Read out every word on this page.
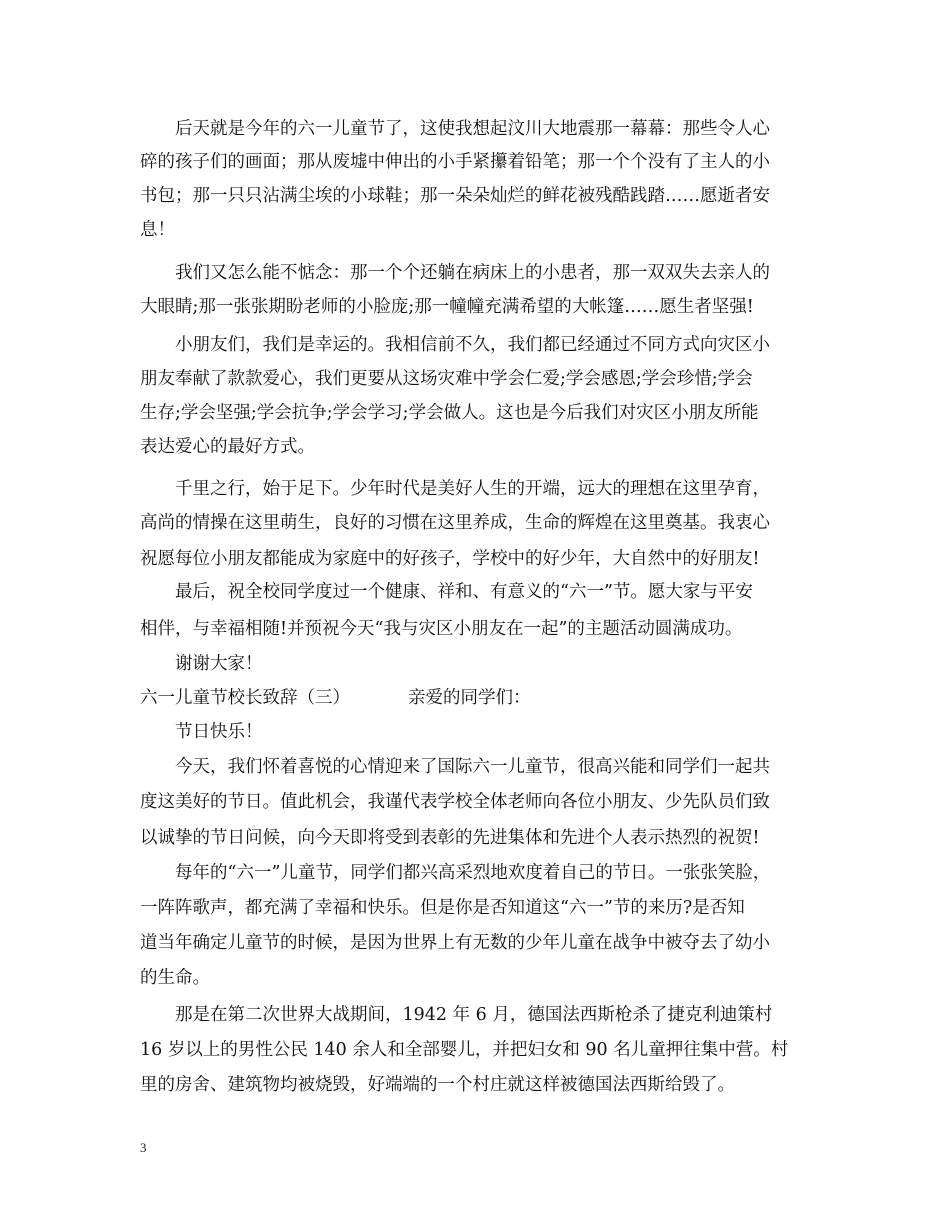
后天就是今年的六一儿童节了，这使我想起汶川大地震那一幕幕：那些令人心
碎的孩子们的画面；那从废墟中伸出的小手紧攥着铅笔；那一个个没有了主人的小
书包；那一只只沾满尘埃的小球鞋；那一朵朵灿烂的鲜花被残酷践踏……愿逝者安
息！
我们又怎么能不惦念：那一个个还躺在病床上的小患者，那一双双失去亲人的
大眼睛;那一张张期盼老师的小脸庞;那一幢幢充满希望的大帐篷……愿生者坚强!
小朋友们，我们是幸运的。我相信前不久，我们都已经通过不同方式向灾区小
朋友奉献了款款爱心，我们更要从这场灾难中学会仁爱;学会感恩;学会珍惜;学会
生存;学会坚强;学会抗争;学会学习;学会做人。这也是今后我们对灾区小朋友所能
表达爱心的最好方式。
千里之行，始于足下。少年时代是美好人生的开端，远大的理想在这里孕育，
高尚的情操在这里萌生，良好的习惯在这里养成，生命的辉煌在这里奠基。我衷心
祝愿每位小朋友都能成为家庭中的好孩子，学校中的好少年，大自然中的好朋友!
最后，祝全校同学度过一个健康、祥和、有意义的“六一”节。愿大家与平安
相伴，与幸福相随!并预祝今天“我与灾区小朋友在一起”的主题活动圆满成功。
谢谢大家！
六一儿童节校长致辞（三）	亲爱的同学们：
节日快乐！
今天，我们怀着喜悦的心情迎来了国际六一儿童节，很高兴能和同学们一起共
度这美好的节日。值此机会，我谨代表学校全体老师向各位小朋友、少先队员们致
以诚挚的节日问候，向今天即将受到表彰的先进集体和先进个人表示热烈的祝贺!
每年的“六一”儿童节，同学们都兴高采烈地欢度着自己的节日。一张张笑脸，
一阵阵歌声，都充满了幸福和快乐。但是你是否知道这“六一”节的来历?是否知
道当年确定儿童节的时候，是因为世界上有无数的少年儿童在战争中被夺去了幼小
的生命。
那是在第二次世界大战期间，1942 年 6 月，德国法西斯枪杀了捷克利迪策村
16 岁以上的男性公民 140 余人和全部婴儿，并把妇女和 90 名儿童押往集中营。村
里的房舍、建筑物均被烧毁，好端端的一个村庄就这样被德国法西斯给毁了。
3
